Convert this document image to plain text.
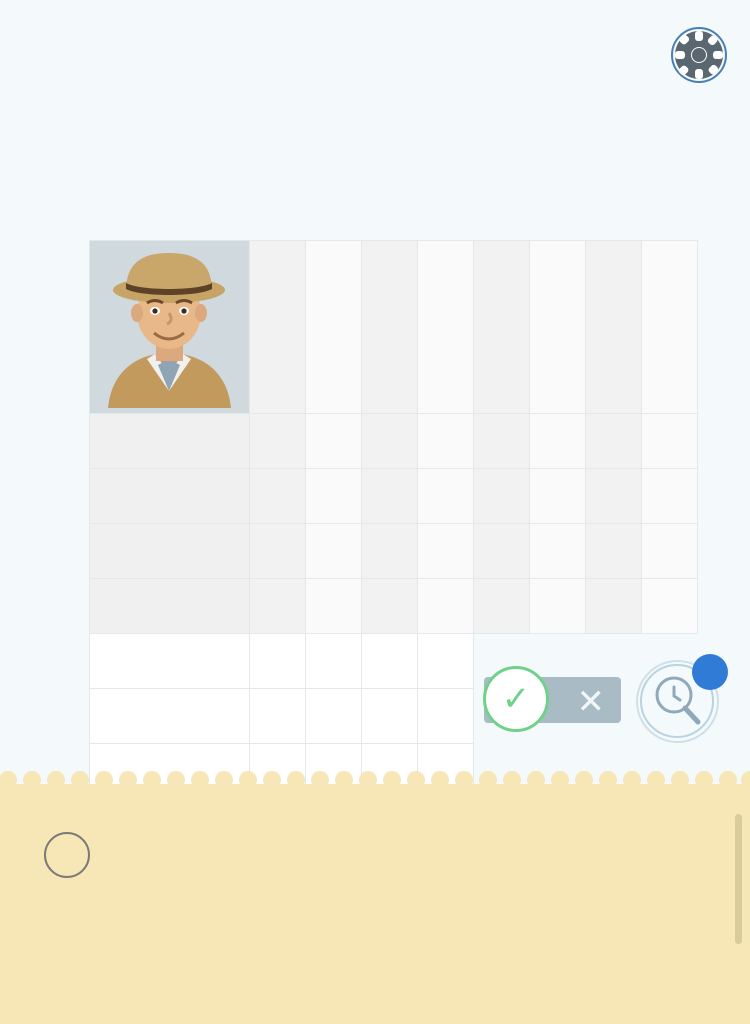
✕
✓
